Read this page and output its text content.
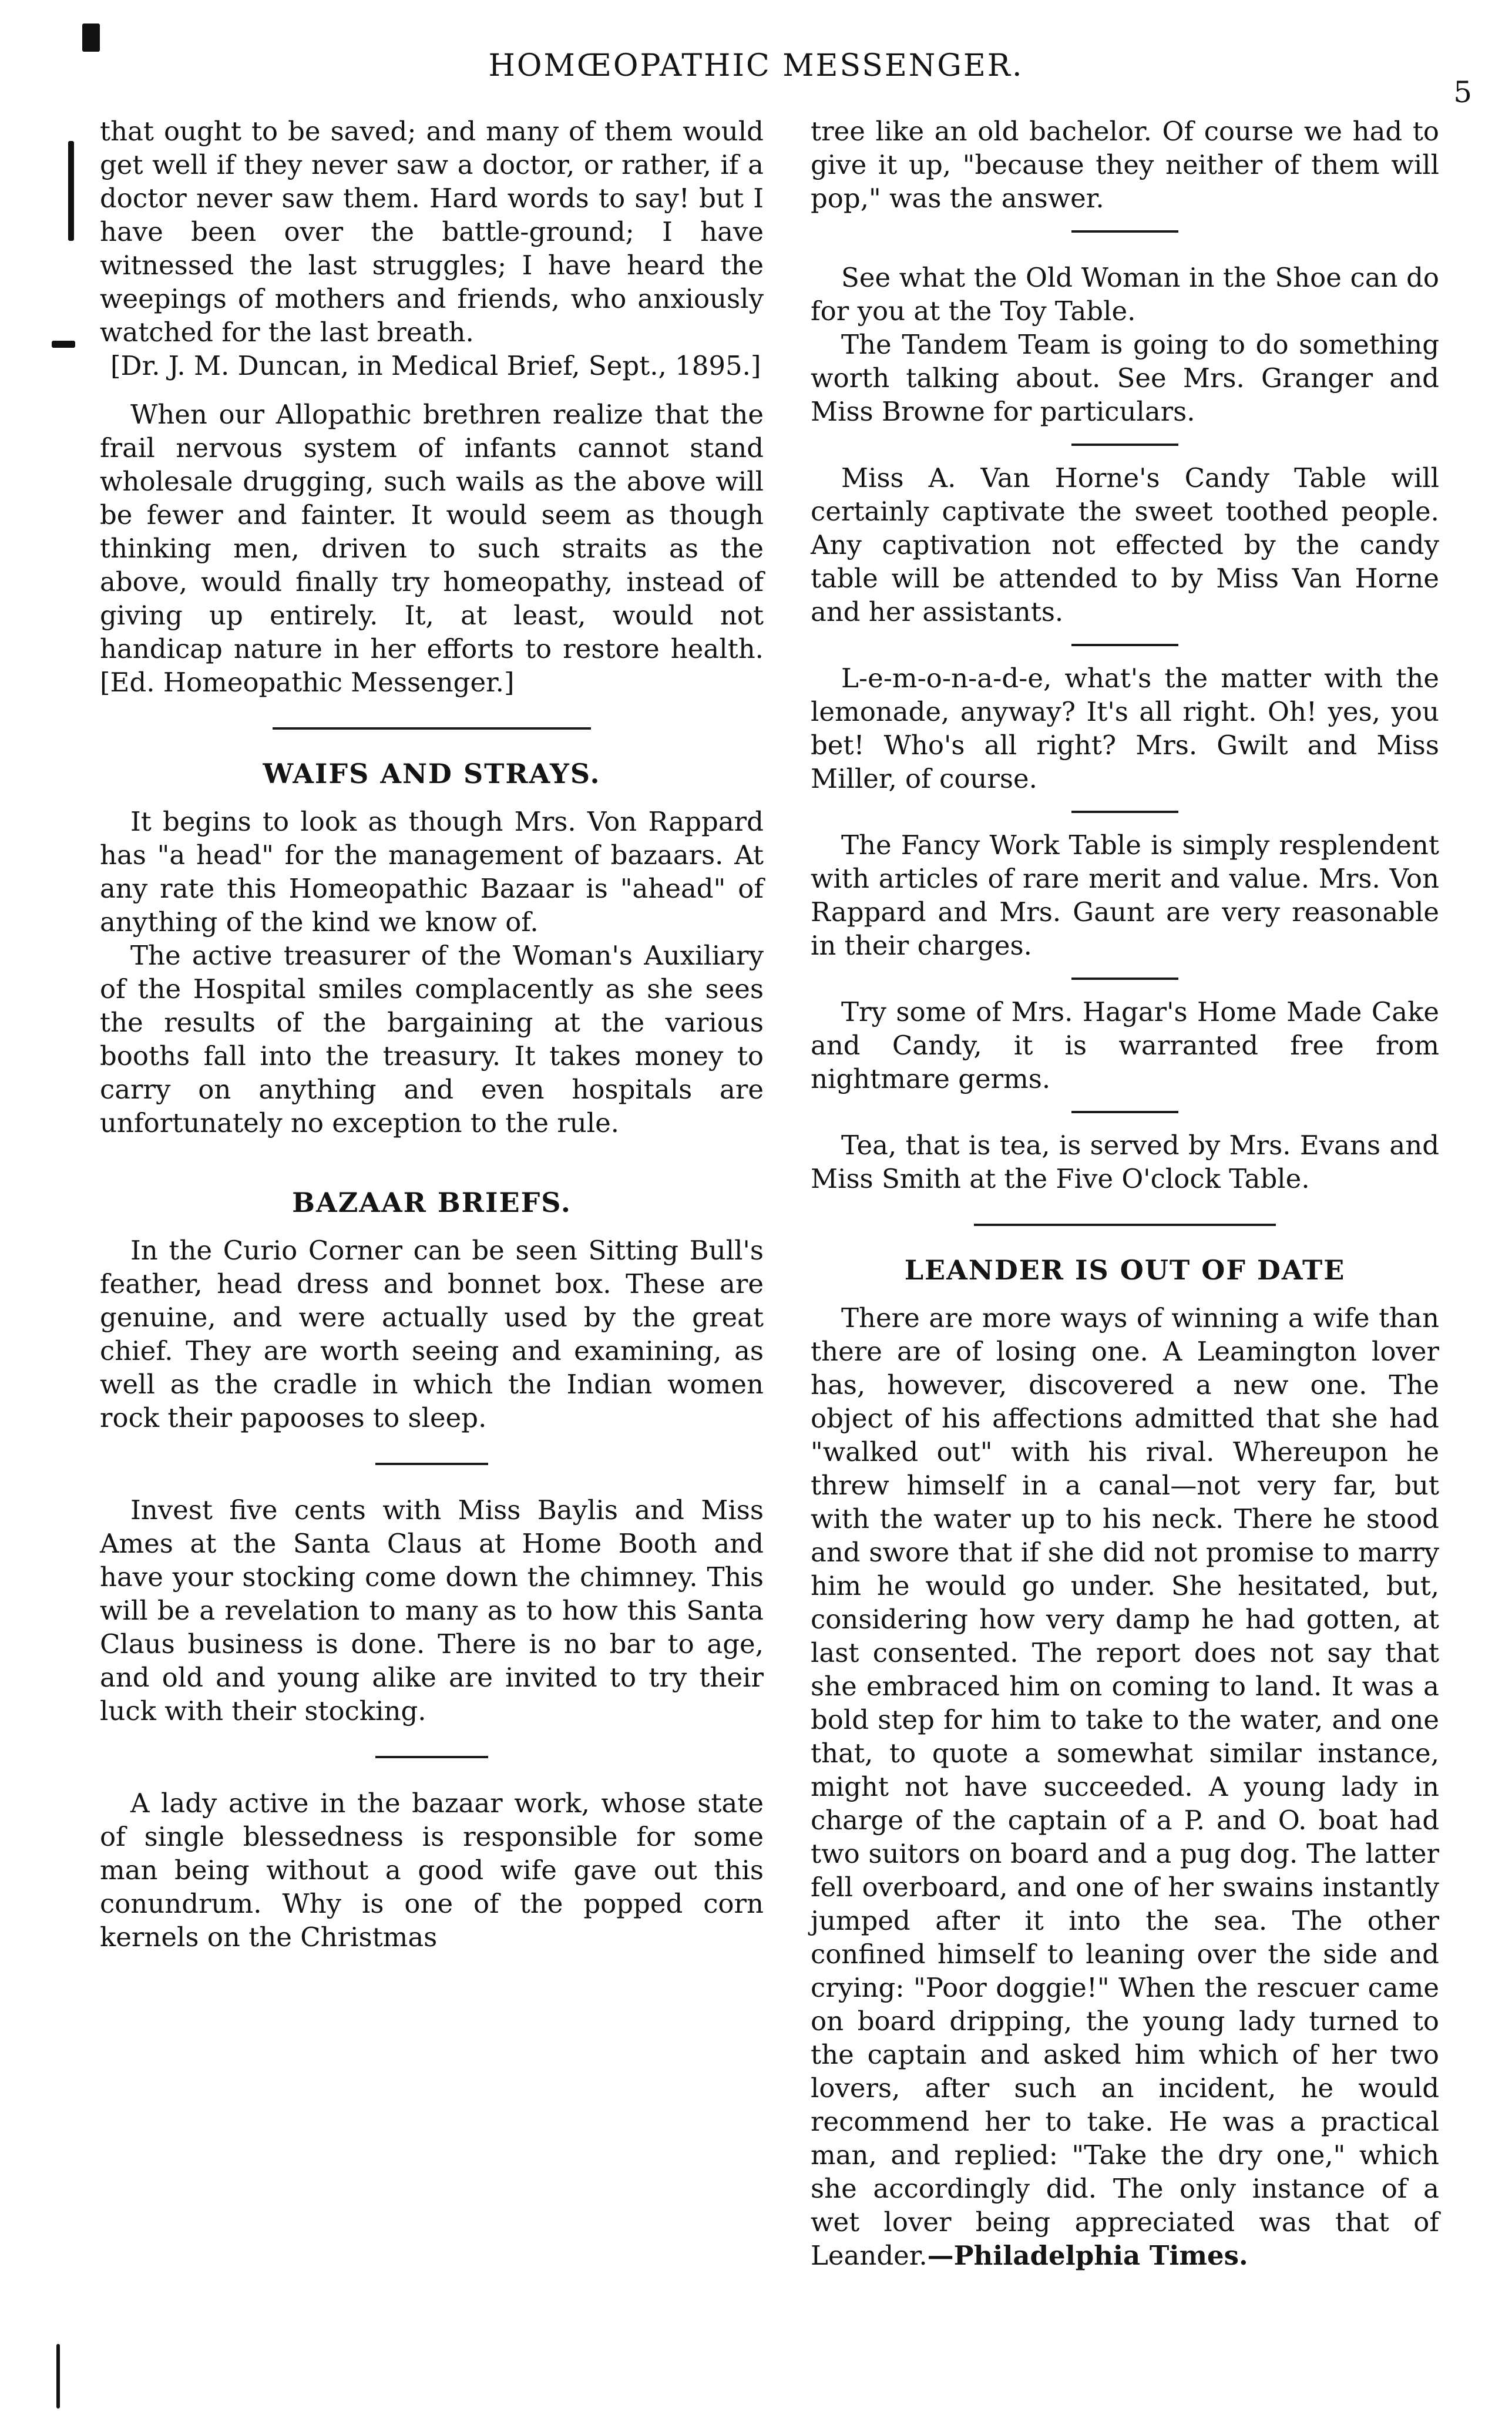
HOMŒOPATHIC MESSENGER.
5

that ought to be saved; and many of them would get well if they never saw a doctor, or rather, if a doctor never saw them. Hard words to say! but I have been over the battle-ground; I have witnessed the last struggles; I have heard the weepings of mothers and friends, who anxiously watched for the last breath.

[Dr. J. M. Duncan, in Medical Brief, Sept., 1895.]

When our Allopathic brethren realize that the frail nervous system of infants cannot stand wholesale drugging, such wails as the above will be fewer and fainter. It would seem as though thinking men, driven to such straits as the above, would finally try homeopathy, instead of giving up entirely. It, at least, would not handicap nature in her efforts to restore health. [Ed. Homeopathic Messenger.]

WAIFS AND STRAYS.

It begins to look as though Mrs. Von Rappard has "a head" for the management of bazaars. At any rate this Homeopathic Bazaar is "ahead" of anything of the kind we know of.

The active treasurer of the Woman's Auxiliary of the Hospital smiles complacently as she sees the results of the bargaining at the various booths fall into the treasury. It takes money to carry on anything and even hospitals are unfortunately no exception to the rule.

BAZAAR BRIEFS.

In the Curio Corner can be seen Sitting Bull's feather, head dress and bonnet box. These are genuine, and were actually used by the great chief. They are worth seeing and examining, as well as the cradle in which the Indian women rock their papooses to sleep.

Invest five cents with Miss Baylis and Miss Ames at the Santa Claus at Home Booth and have your stocking come down the chimney. This will be a revelation to many as to how this Santa Claus business is done. There is no bar to age, and old and young alike are invited to try their luck with their stocking.

A lady active in the bazaar work, whose state of single blessedness is responsible for some man being without a good wife gave out this conundrum. Why is one of the popped corn kernels on the Christmas

tree like an old bachelor. Of course we had to give it up, "because they neither of them will pop," was the answer.

See what the Old Woman in the Shoe can do for you at the Toy Table.

The Tandem Team is going to do something worth talking about. See Mrs. Granger and Miss Browne for particulars.

Miss A. Van Horne's Candy Table will certainly captivate the sweet toothed people. Any captivation not effected by the candy table will be attended to by Miss Van Horne and her assistants.

L-e-m-o-n-a-d-e, what's the matter with the lemonade, anyway? It's all right. Oh! yes, you bet! Who's all right? Mrs. Gwilt and Miss Miller, of course.

The Fancy Work Table is simply resplendent with articles of rare merit and value. Mrs. Von Rappard and Mrs. Gaunt are very reasonable in their charges.

Try some of Mrs. Hagar's Home Made Cake and Candy, it is warranted free from nightmare germs.

Tea, that is tea, is served by Mrs. Evans and Miss Smith at the Five O'clock Table.

LEANDER IS OUT OF DATE

There are more ways of winning a wife than there are of losing one. A Leamington lover has, however, discovered a new one. The object of his affections admitted that she had "walked out" with his rival. Whereupon he threw himself in a canal—not very far, but with the water up to his neck. There he stood and swore that if she did not promise to marry him he would go under. She hesitated, but, considering how very damp he had gotten, at last consented. The report does not say that she embraced him on coming to land. It was a bold step for him to take to the water, and one that, to quote a somewhat similar instance, might not have succeeded. A young lady in charge of the captain of a P. and O. boat had two suitors on board and a pug dog. The latter fell overboard, and one of her swains instantly jumped after it into the sea. The other confined himself to leaning over the side and crying: "Poor doggie!" When the rescuer came on board dripping, the young lady turned to the captain and asked him which of her two lovers, after such an incident, he would recommend her to take. He was a practical man, and replied: "Take the dry one," which she accordingly did. The only instance of a wet lover being appreciated was that of Leander.—Philadelphia Times.
